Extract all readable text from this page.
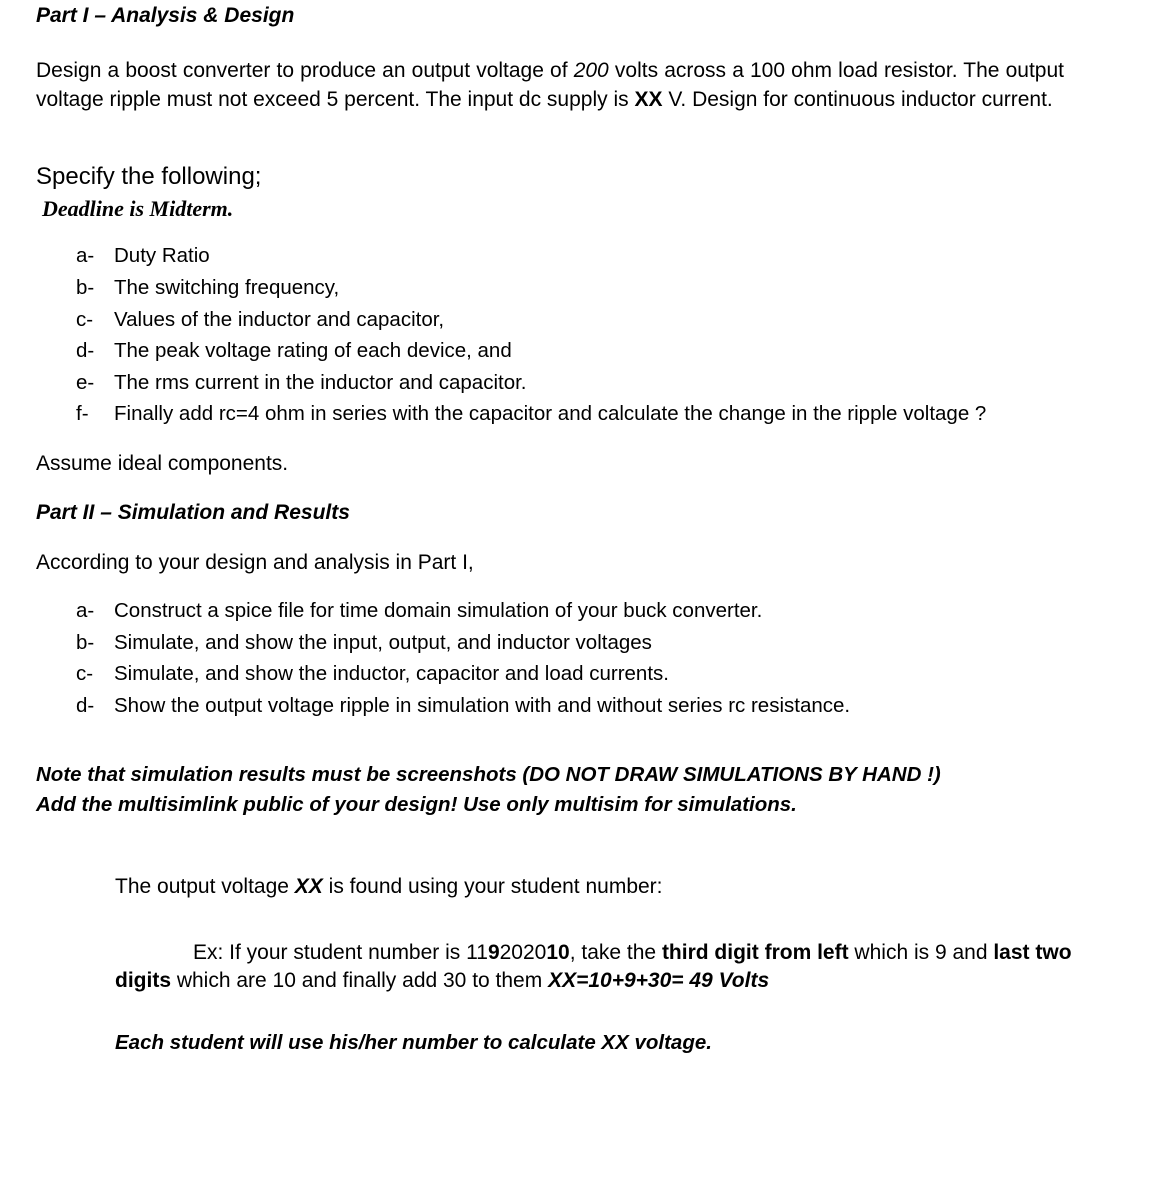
Part I – Analysis & Design
Design a boost converter to produce an output voltage of 200 volts across a 100 ohm load resistor. The output voltage ripple must not exceed 5 percent. The input dc supply is XX V. Design for continuous inductor current.
Specify the following;
Deadline is Midterm.
a- Duty Ratio
b- The switching frequency,
c- Values of the inductor and capacitor,
d- The peak voltage rating of each device, and
e- The rms current in the inductor and capacitor.
f- Finally add rc=4 ohm in series with the capacitor and calculate the change in the ripple voltage ?
Assume ideal components.
Part II – Simulation and Results
According to your design and analysis in Part I,
a- Construct a spice file for time domain simulation of your buck converter.
b- Simulate, and show the input, output, and inductor voltages
c- Simulate, and show the inductor, capacitor and load currents.
d- Show the output voltage ripple in simulation with and without series rc resistance.
Note that simulation results must be screenshots (DO NOT DRAW SIMULATIONS BY HAND !)
Add the multisimlink public of your design! Use only multisim for simulations.
The output voltage XX is found using your student number:
Ex: If your student number is 119202010, take the third digit from left which is 9 and last two digits which are 10 and finally add 30 to them XX=10+9+30= 49 Volts
Each student will use his/her number to calculate XX voltage.
